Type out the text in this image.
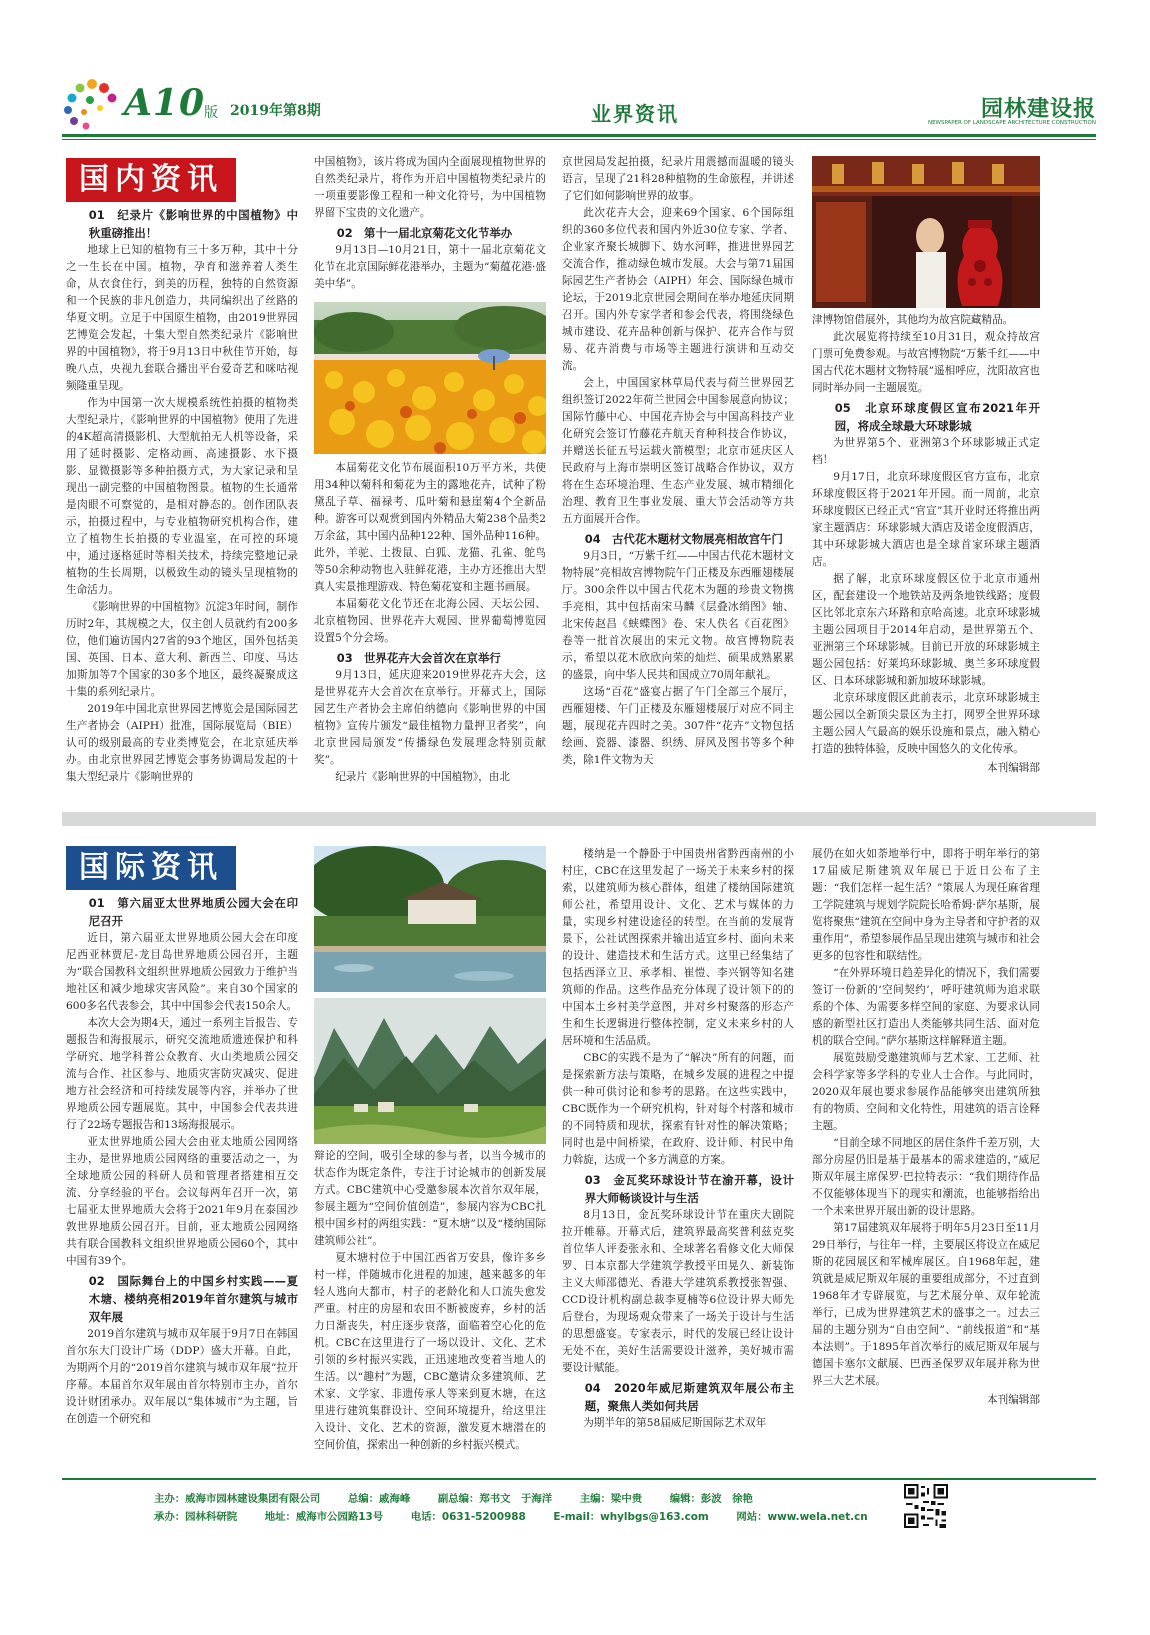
A10
版 2019年第8期	业界资讯	园林建设报
NEWSPAPER OF LANDSCAPE ARCHITECTURE CONSTRUCTION
国内资讯

01　纪录片《影响世界的中国植物》中秋重磅推出！

地球上已知的植物有三十多万种，其中十分之一生长在中国。植物，孕育和滋养着人类生命，从衣食住行，到美的历程，独特的自然资源和一个民族的非凡创造力，共同编织出了丝路的华夏文明。立足于中国原生植物，由2019世界园艺博览会发起，十集大型自然类纪录片《影响世界的中国植物》，将于9月13日中秋佳节开始，每晚八点，央视九套联合播出平台爱奇艺和咪咕视频隆重呈现。

作为中国第一次大规模系统性拍摄的植物类大型纪录片，《影响世界的中国植物》使用了先进的4K超高清摄影机、大型航拍无人机等设备，采用了延时摄影、定格动画、高速摄影、水下摄影、显微摄影等多种拍摄方式，为大家记录和呈现出一副完整的中国植物图景。植物的生长通常是肉眼不可察觉的，是相对静态的。创作团队表示，拍摄过程中，与专业植物研究机构合作，建立了植物生长拍摄的专业温室，在可控的环境中，通过逐格延时等相关技术，持续完整地记录植物的生长周期，以极致生动的镜头呈现植物的生命活力。

《影响世界的中国植物》沉淀3年时间，制作历时2年，其规模之大，仅主创人员就约有200多位，他们遍访国内27省的93个地区，国外包括美国、英国、日本、意大利、新西兰、印度、马达加斯加等7个国家的30多个地区，最终凝聚成这十集的系列纪录片。

2019年中国北京世界园艺博览会是国际园艺生产者协会（AIPH）批准，国际展览局（BIE）认可的级别最高的专业类博览会，在北京延庆举办。由北京世界园艺博览会事务协调局发起的十集大型纪录片《影响世界的

中国植物》，该片将成为国内全面展现植物世界的自然类纪录片，将作为开启中国植物类纪录片的一项重要影像工程和一种文化符号，为中国植物界留下宝贵的文化遗产。

02　第十一届北京菊花文化节举办

9月13日—10月21日，第十一届北京菊花文化节在北京国际鲜花港举办，主题为“菊蕴花港·盛美中华”。

本届菊花文化节布展面积10万平方米，共使用34种以菊科和菊花为主的露地花卉，试种了粉黛乱子草、福禄考、瓜叶菊和悬崖菊4个全新品种。游客可以观赏到国内外精品大菊238个品类2万余盆，其中国内品种122种、国外品种116种。此外，羊驼、土拨鼠、白狐、龙猫、孔雀、鸵鸟等50余种动物也入驻鲜花港，主办方还推出大型真人实景推理游戏、特色菊花宴和主题书画展。

本届菊花文化节还在北海公园、天坛公园、北京植物园、世界花卉大观园、世界葡萄博览园设置5个分会场。

03　世界花卉大会首次在京举行

9月13日，延庆迎来2019世界花卉大会，这是世界花卉大会首次在京举行。开幕式上，国际园艺生产者协会主席伯纳德向《影响世界的中国植物》宣传片颁发“最佳植物力量押卫者奖”，向北京世园局颁发“传播绿色发展理念特别贡献奖”。

纪录片《影响世界的中国植物》，由北

京世园局发起拍摄，纪录片用震撼而温暖的镜头语言，呈现了21科28种植物的生命旅程，并讲述了它们如何影响世界的故事。

此次花卉大会，迎来69个国家、6个国际组织的360多位代表和国内外近30位专家、学者、企业家齐聚长城脚下、妫水河畔，推进世界园艺交流合作，推动绿色城市发展。大会与第71届国际园艺生产者协会（AIPH）年会、国际绿色城市论坛，于2019北京世园会期间在举办地延庆同期召开。国内外专家学者和参会代表，将围绕绿色城市建设、花卉品种创新与保护、花卉合作与贸易、花卉消费与市场等主题进行演讲和互动交流。

会上，中国国家林草局代表与荷兰世界园艺组织签订2022年荷兰世园会中国参展意向协议；国际竹藤中心、中国花卉协会与中国高科技产业化研究会签订竹藤花卉航天育种科技合作协议，并赠送长征五号运载火箭模型；北京市延庆区人民政府与上海市崇明区签订战略合作协议，双方将在生态环境治理、生态产业发展、城市精细化治理、教育卫生事业发展、重大节会活动等方共五方面展开合作。

04　古代花木题材文物展亮相故宫午门

9月3日，“万紫千红——中国古代花木题材文物特展”亮相故宫博物院午门正楼及东西雁翅楼展厅。300余件以中国古代花木为题的珍贵文物携手亮相，其中包括南宋马麟《层叠冰绡图》轴、北宋传赵昌《蛱蝶图》卷、宋人佚名《百花图》卷等一批首次展出的宋元文物。故宫博物院表示，希望以花木欣欣向荣的灿烂、硕果成熟累累的盛景，向中华人民共和国成立70周年献礼。

这场“百花”盛宴占据了午门全部三个展厅，西雁翅楼、午门正楼及东雁翅楼展厅对应不同主题，展现花卉四时之美。307件“花卉”文物包括绘画、瓷器、漆器、织绣、屏风及图书等多个种类，除1件文物为天

津博物馆借展外，其他均为故宫院藏精品。

此次展览将持续至10月31日，观众持故宫门票可免费参观。与故宫博物院“万紫千红——中国古代花木题材文物特展”遥相呼应，沈阳故宫也同时举办同一主题展览。

05　北京环球度假区宣布2021年开园，将成全球最大环球影城

为世界第5个、亚洲第3个环球影城正式定档！

9月17日，北京环球度假区官方宣布，北京环球度假区将于2021年开园。而一周前，北京环球度假区已经正式“官宣”其开业时还将推出两家主题酒店：环球影城大酒店及诺金度假酒店，其中环球影城大酒店也是全球首家环球主题酒店。

据了解，北京环球度假区位于北京市通州区，配套建设一个地铁站及两条地铁线路；度假区比邻北京东六环路和京哈高速。北京环球影城主题公园项目于2014年启动，是世界第五个、亚洲第三个环球影城。目前已开放的环球影城主题公园包括：好莱坞环球影城、奥兰多环球度假区、日本环球影城和新加坡环球影城。

北京环球度假区此前表示，北京环球影城主题公园以全新顶尖景区为主打，网罗全世界环球主题公园人气最高的娱乐设施和景点，融入精心打造的独特体验，反映中国悠久的文化传承。

本刊编辑部

国际资讯

01　第六届亚太世界地质公园大会在印尼召开

近日，第六届亚太世界地质公园大会在印度尼西亚林贾尼-龙目岛世界地质公园召开，主题为“联合国教科文组织世界地质公园致力于维护当地社区和减少地球灾害风险”。来自30个国家的600多名代表参会，其中中国参会代表150余人。

本次大会为期4天，通过一系列主旨报告、专题报告和海报展示，研究交流地质遗迹保护和科学研究、地学科普公众教育、火山类地质公园交流与合作、社区参与、地质灾害防灾减灾、促进地方社会经济和可持续发展等内容，并举办了世界地质公园专题展览。其中，中国参会代表共进行了22场专题报告和13场海报展示。

亚太世界地质公园大会由亚太地质公园网络主办，是世界地质公园网络的重要活动之一，为全球地质公园的科研人员和管理者搭建相互交流、分享经验的平台。会议每两年召开一次，第七届亚太世界地质大会将于2021年9月在泰国沙敦世界地质公园召开。目前，亚太地质公园网络共有联合国教科文组织世界地质公园60个，其中中国有39个。

02　国际舞台上的中国乡村实践——夏木塘、楼纳亮相2019年首尔建筑与城市双年展

2019首尔建筑与城市双年展于9月7日在韩国首尔东大门设计广场（DDP）盛大开幕。自此，为期两个月的“2019首尔建筑与城市双年展”拉开序幕。本届首尔双年展由首尔特别市主办，首尔设计财团承办。双年展以“集体城市”为主题，旨在创造一个研究和

辩论的空间，吸引全球的参与者，以当今城市的状态作为既定条件，专注于讨论城市的创新发展方式。CBC建筑中心受邀参展本次首尔双年展，参展主题为“空间价值创造”，参展内容为CBC扎根中国乡村的两组实践：“夏木塘”以及“楼纳国际建筑师公社”。

夏木塘村位于中国江西省万安县，像许多乡村一样，伴随城市化进程的加速，越来越多的年轻人逃向大都市，村子的老龄化和人口流失愈发严重。村庄的房屋和农田不断被废弃，乡村的活力日渐丧失，村庄逐步衰落，面临着空心化的危机。CBC在这里进行了一场以设计、文化、艺术引领的乡村振兴实践，正迅速地改变着当地人的生活。以“趣村”为题，CBC邀请众多建筑师、艺术家、文学家、非遗传承人等来到夏木塘，在这里进行建筑集群设计、空间环境提升，给这里注入设计、文化、艺术的资源，激发夏木塘潜在的空间价值，探索出一种创新的乡村振兴模式。

楼纳是一个静卧于中国贵州省黔西南州的小村庄，CBC在这里发起了一场关于未来乡村的探索，以建筑师为核心群体，组建了楼纳国际建筑师公社，希望用设计、文化、艺术与媒体的力量，实现乡村建设途径的转型。在当前的发展背景下，公社试图探索并输出适宜乡村、面向未来的设计、建造技术和生活方式。这里已经集结了包括西泽立卫、承孝相、崔愷、李兴钢等知名建筑师的作品。这些作品充分体现了设计领下的的中国本土乡村美学意图，并对乡村聚落的形态产生和生长逻辑进行整体控制，定义未来乡村的人居环境和生活品质。

CBC的实践不是为了“解决”所有的问题，而是探索新方法与策略，在城乡发展的进程之中提供一种可供讨论和参考的思路。在这些实践中，CBC既作为一个研究机构，针对每个村落和城市的不同特质和现状，探索有针对性的解决策略；同时也是中间桥梁，在政府、设计师、村民中角力斡旋，达成一个多方满意的方案。

03　金瓦奖环球设计节在渝开幕，设计界大师畅谈设计与生活

8月13日，金瓦奖环球设计节在重庆大剧院拉开帷幕。开幕式后，建筑界最高奖普利兹克奖首位华人评委张永和、全球著名看修文化大师保罗、日本京都大学建筑学教授平田晃久、新装饰主义大师邵德光、香港大学建筑系教授张智强、CCD设计机构副总裁李夏楠等6位设计界大师先后登台，为现场观众带来了一场关于设计与生活的思想盛宴。专家表示，时代的发展已经让设计无处不在，美好生活需要设计滋养，美好城市需要设计赋能。

04　2020年威尼斯建筑双年展公布主题，聚焦人类如何共居

为期半年的第58届威尼斯国际艺术双年

展仍在如火如荼地举行中，即将于明年举行的第17届威尼斯建筑双年展已于近日公布了主题：“我们怎样一起生活？”策展人为现任麻省理工学院建筑与规划学院院长哈希姆·萨尔基斯，展览将聚焦“建筑在空间中身为主导者和守护者的双重作用”，希望参展作品呈现出建筑与城市和社会更多的包容性和联结性。

“在外界环境日趋差异化的情况下，我们需要签订一份新的‘空间契约’，呼吁建筑师为追求联系的个体、为需要多样空间的家庭、为要求认同感的新型社区打造出人类能够共同生活、面对危机的联合空间。”萨尔基斯这样解释道主题。

展览鼓励受邀建筑师与艺术家、工艺师、社会科学家等多学科的专业人士合作。与此同时，2020双年展也要求参展作品能够突出建筑所独有的物质、空间和文化特性，用建筑的语言诠释主题。

“目前全球不同地区的居住条件千差万别，大部分房屋仍旧是基于最基本的需求建造的，”威尼斯双年展主席保罗·巴拉特表示：“我们期待作品不仅能够体现当下的现实和潮流，也能够指给出一个未来世界开展出新的设计思路。

第17届建筑双年展将于明年5月23日至11月29日举行，与往年一样，主要展区将设立在威尼斯的花园展区和军械库展区。自1968年起，建筑就是威尼斯双年展的重要组成部分，不过直到1968年才专辟展览，与艺术展分单、双年轮流举行，已成为世界建筑艺术的盛事之一。过去三届的主题分别为“自由空间”、“前线报道”和“基本法则”。于1895年首次举行的威尼斯双年展与德国卡塞尔文献展、巴西圣保罗双年展并称为世界三大艺术展。

本刊编辑部

主办：威海市园林建设集团有限公司	总编：戚海峰	副总编：郑书文　于海洋	主编：梁中贵	编辑：彭波　徐艳
承办：园林科研院	地址：威海市公园路13号	电话：0631-5200988	E-mail：whylbgs@163.com	网站：www.wela.net.cn
